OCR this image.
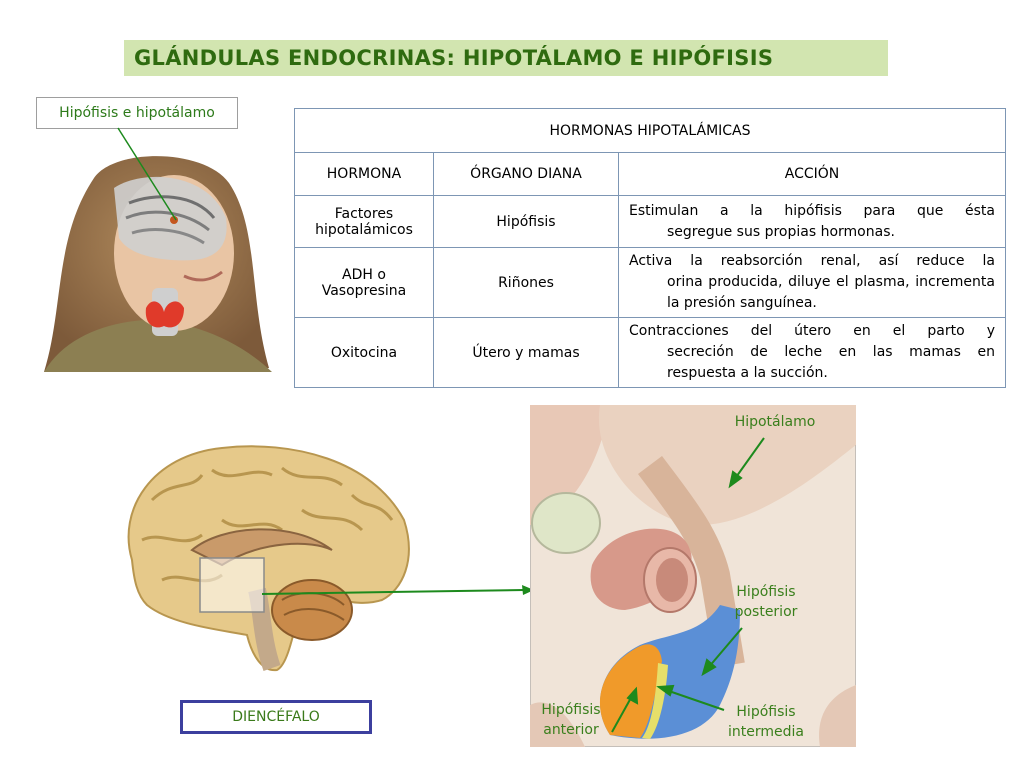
GLÁNDULAS ENDOCRINAS: HIPOTÁLAMO E HIPÓFISIS
Hipófisis e hipotálamo
HORMONAS HIPOTALÁMICAS		
HORMONA	ÓRGANO DIANA	ACCIÓN
Factores hipotalámicos	Hipófisis	Estimulan a la hipófisis para que ésta
segregue sus propias hormonas.

ADH o Vasopresina	Riñones	Activa la reabsorción renal, así reduce la
orina producida, diluye el plasma, incrementa la presión sanguínea.

Oxitocina	Útero y mamas	Contracciones del útero en el parto y
secreción de leche en las mamas en respuesta a la succión.
DIENCÉFALO
Hipotálamo
Hipófisis
posterior
Hipófisis
anterior
Hipófisis
intermedia
